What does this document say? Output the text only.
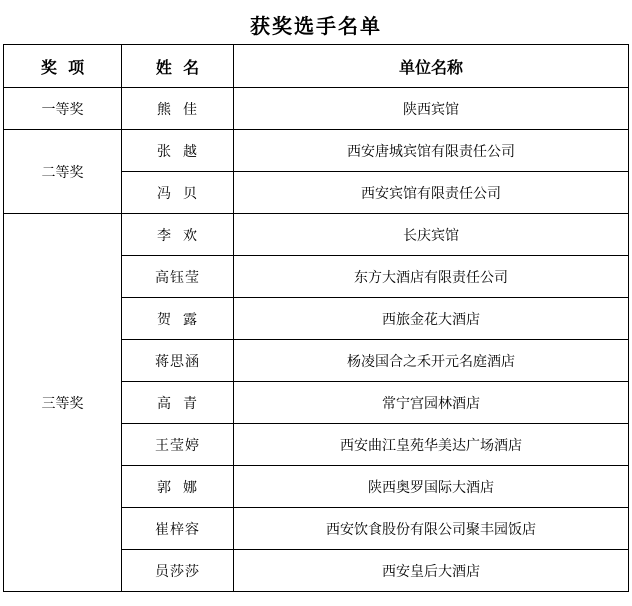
获奖选手名单
奖  项	姓  名	单位名称
一等奖	熊  佳	陕西宾馆
二等奖	张  越	西安唐城宾馆有限责任公司
	冯  贝	西安宾馆有限责任公司
三等奖	李  欢	长庆宾馆
	高钰莹	东方大酒店有限责任公司
	贺  露	西旅金花大酒店
	蒋思涵	杨凌国合之禾开元名庭酒店
	高  青	常宁宫园林酒店
	王莹婷	西安曲江皇苑华美达广场酒店
	郭  娜	陕西奥罗国际大酒店
	崔梓容	西安饮食股份有限公司聚丰园饭店
	员莎莎	西安皇后大酒店
